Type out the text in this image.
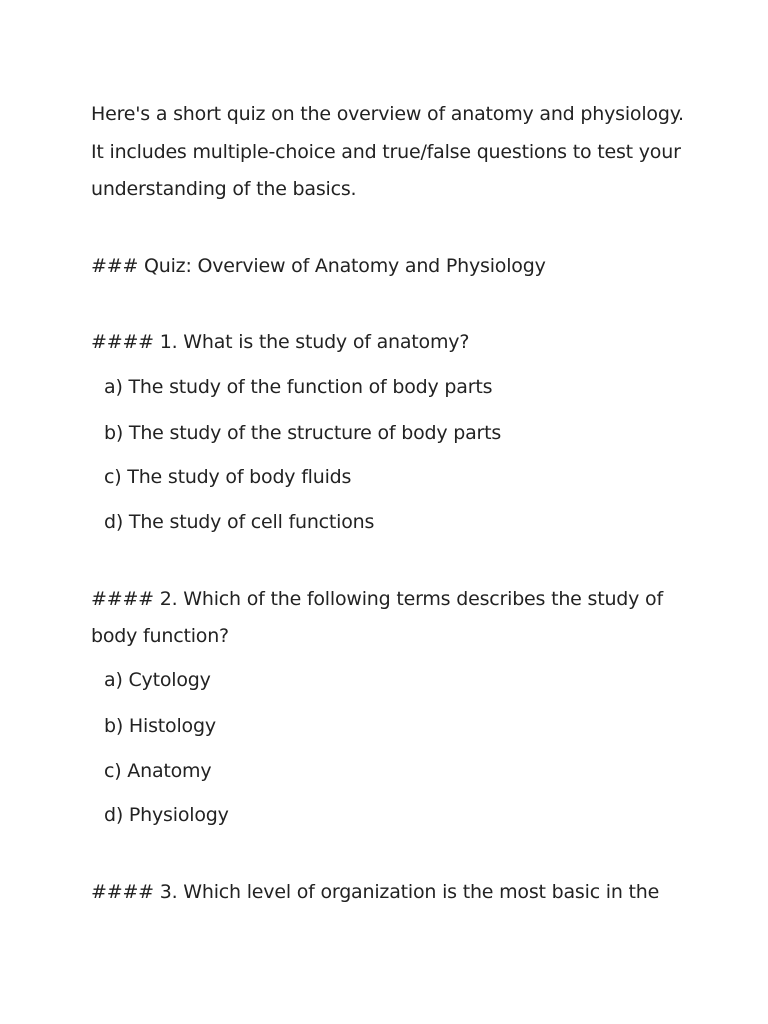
Here's a short quiz on the overview of anatomy and physiology.
It includes multiple-choice and true/false questions to test your
understanding of the basics.
### Quiz: Overview of Anatomy and Physiology
#### 1. What is the study of anatomy?
a) The study of the function of body parts
b) The study of the structure of body parts
c) The study of body fluids
d) The study of cell functions
#### 2. Which of the following terms describes the study of
body function?
a) Cytology
b) Histology
c) Anatomy
d) Physiology
#### 3. Which level of organization is the most basic in the
